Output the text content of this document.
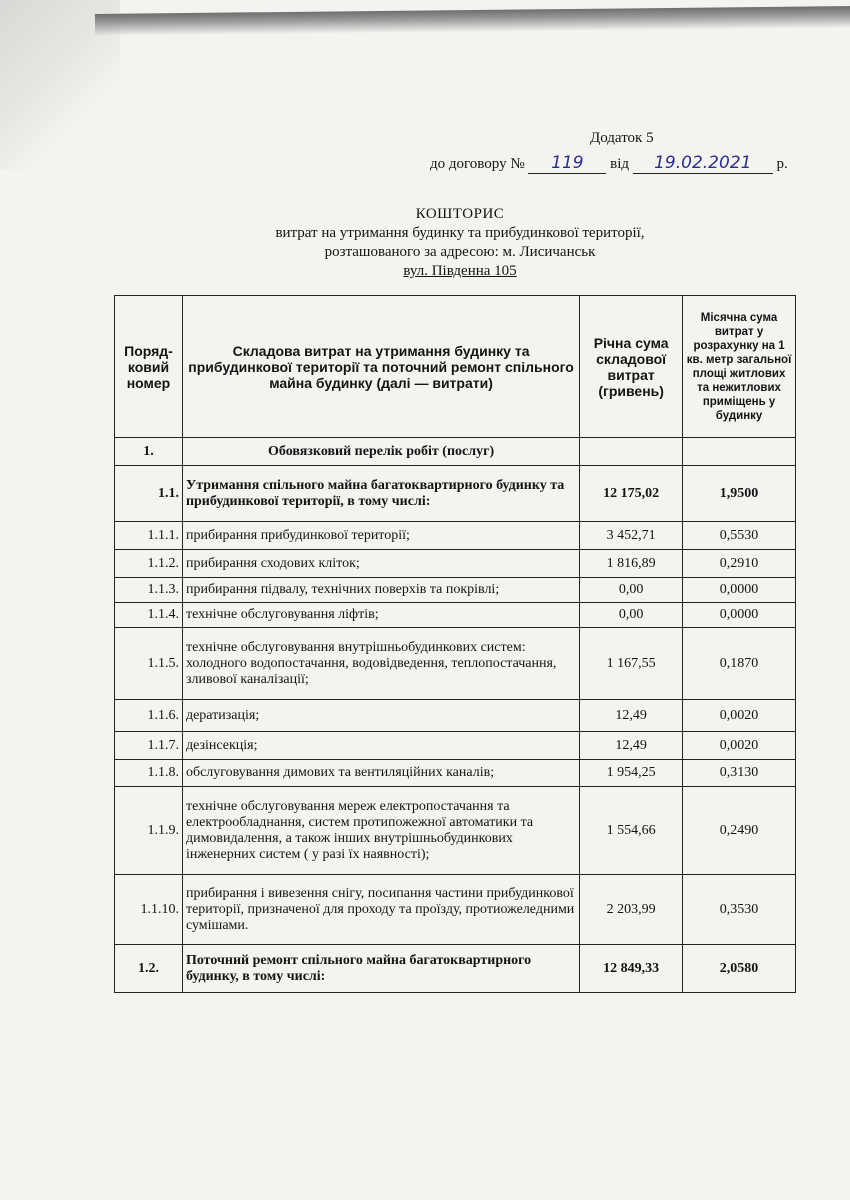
Додаток 5
до договору № 119 від 19.02.2021 р.
КОШТОРИС
витрат на утримання будинку та прибудинкової території,
розташованого за адресою: м. Лисичанськ
вул. Південна 105
Поряд-ковий номер	Складова витрат на утримання будинку та прибудинкової території та поточний ремонт спільного майна будинку (далі — витрати)	Річна сума складової витрат (гривень)	Місячна сума витрат у розрахунку на 1 кв. метр загальної площі житлових та нежитлових приміщень у будинку
1.	Обовязковий перелік робіт (послуг)		
1.1.	Утримання спільного майна багатоквартирного будинку та прибудинкової території, в тому числі:	12 175,02	1,9500
1.1.1.	прибирання прибудинкової території;	3 452,71	0,5530
1.1.2.	прибирання сходових кліток;	1 816,89	0,2910
1.1.3.	прибирання підвалу, технічних поверхів та покрівлі;	0,00	0,0000
1.1.4.	технічне обслуговування ліфтів;	0,00	0,0000
1.1.5.	технічне обслуговування внутрішньобудинкових систем: холодного водопостачання, водовідведення, теплопостачання, зливової каналізації;	1 167,55	0,1870
1.1.6.	дератизація;	12,49	0,0020
1.1.7.	дезінсекція;	12,49	0,0020
1.1.8.	обслуговування димових та вентиляційних каналів;	1 954,25	0,3130
1.1.9.	технічне обслуговування мереж електропостачання та електрообладнання, систем протипожежної автоматики та димовидалення, а також інших внутрішньобудинкових інженерних систем ( у разі їх наявності);	1 554,66	0,2490
1.1.10.	прибирання і вивезення снігу, посипання частини прибудинкової території, призначеної для проходу та проїзду, протиожеледними сумішами.	2 203,99	0,3530
1.2.	Поточний ремонт спільного майна багатоквартирного будинку, в тому числі:	12 849,33	2,0580
